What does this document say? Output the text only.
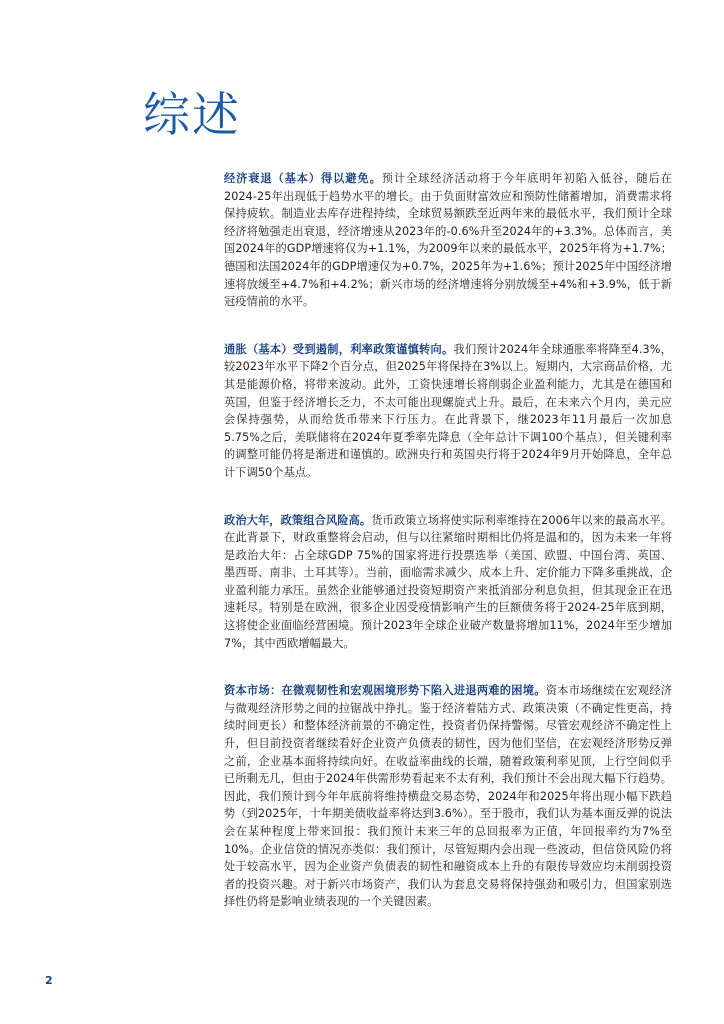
综述

经济衰退（基本）得以避免。预计全球经济活动将于今年底明年初陷入低谷，随后在2024-25年出现低于趋势水平的增长。由于负面财富效应和预防性储蓄增加，消费需求将保持疲软。制造业去库存进程持续，全球贸易额跌至近两年来的最低水平，我们预计全球经济将勉强走出衰退，经济增速从2023年的-0.6%升至2024年的+3.3%。总体而言，美国2024年的GDP增速将仅为+1.1%，为2009年以来的最低水平，2025年将为+1.7%；德国和法国2024年的GDP增速仅为+0.7%，2025年为+1.6%；预计2025年中国经济增速将放缓至+4.7%和+4.2%；新兴市场的经济增速将分别放缓至+4%和+3.9%，低于新冠疫情前的水平。

通胀（基本）受到遏制，利率政策谨慎转向。我们预计2024年全球通胀率将降至4.3%，较2023年水平下降2个百分点，但2025年将保持在3%以上。短期内，大宗商品价格，尤其是能源价格，将带来波动。此外，工资快速增长将削弱企业盈利能力，尤其是在德国和英国，但鉴于经济增长乏力，不太可能出现螺旋式上升。最后，在未来六个月内，美元应会保持强势，从而给货币带来下行压力。在此背景下，继2023年11月最后一次加息5.75%之后，美联储将在2024年夏季率先降息（全年总计下调100个基点），但关键利率的调整可能仍将是渐进和谨慎的。欧洲央行和英国央行将于2024年9月开始降息，全年总计下调50个基点。

政治大年，政策组合风险高。货币政策立场将使实际利率维持在2006年以来的最高水平。在此背景下，财政重整将会启动，但与以往紧缩时期相比仍将是温和的，因为未来一年将是政治大年：占全球GDP 75%的国家将进行投票选举（美国、欧盟、中国台湾、英国、墨西哥、南非、土耳其等）。当前，面临需求减少、成本上升、定价能力下降多重挑战，企业盈利能力承压。虽然企业能够通过投资短期资产来抵消部分利息负担，但其现金正在迅速耗尽。特别是在欧洲，很多企业因受疫情影响产生的巨额债务将于2024-25年底到期，这将使企业面临经营困境。预计2023年全球企业破产数量将增加11%，2024年至少增加7%，其中西欧增幅最大。

资本市场：在微观韧性和宏观困境形势下陷入进退两难的困境。资本市场继续在宏观经济与微观经济形势之间的拉锯战中挣扎。鉴于经济着陆方式、政策决策（不确定性更高，持续时间更长）和整体经济前景的不确定性，投资者仍保持警惕。尽管宏观经济不确定性上升，但目前投资者继续看好企业资产负债表的韧性，因为他们坚信，在宏观经济形势反弹之前，企业基本面将持续向好。在收益率曲线的长端，随着政策利率见顶，上行空间似乎已所剩无几，但由于2024年供需形势看起来不太有利，我们预计不会出现大幅下行趋势。因此，我们预计到今年年底前将维持横盘交易态势，2024年和2025年将出现小幅下跌趋势（到2025年，十年期美债收益率将达到3.6%）。至于股市，我们认为基本面反弹的说法会在某种程度上带来回报：我们预计未来三年的总回报率为正值，年回报率约为7%至10%。企业信贷的情况亦类似：我们预计，尽管短期内会出现一些波动，但信贷风险仍将处于较高水平，因为企业资产负债表的韧性和融资成本上升的有限传导效应均未削弱投资者的投资兴趣。对于新兴市场资产，我们认为套息交易将保持强劲和吸引力，但国家别选择性仍将是影响业绩表现的一个关键因素。

2
